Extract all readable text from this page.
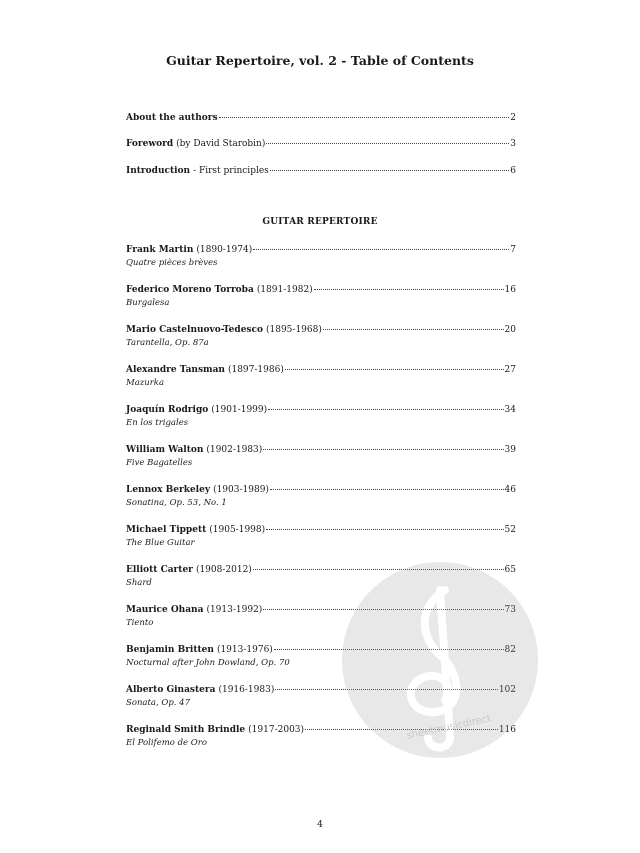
Guitar Repertoire, vol. 2 - Table of Contents
About the authors	2
Foreword (by David Starobin)	3
Introduction - First principles	6
GUITAR REPERTOIRE
Frank Martin (1890-1974)	7
Quatre pièces brèves
Federico Moreno Torroba (1891-1982)	16
Burgalesa
Mario Castelnuovo-Tedesco (1895-1968)	20
Tarantella, Op. 87a
Alexandre Tansman (1897-1986)	27
Mazurka
Joaquín Rodrigo (1901-1999)	34
En los trigales
William Walton (1902-1983)	39
Five Bagatelles
Lennox Berkeley (1903-1989)	46
Sonatina, Op. 53, No. 1
Michael Tippett (1905-1998)	52
The Blue Guitar
Elliott Carter (1908-2012)	65
Shard
Maurice Ohana (1913-1992)	73
Tiento
Benjamin Britten (1913-1976)	82
Nocturnal after John Dowland, Op. 70
Alberto Ginastera (1916-1983)	102
Sonata, Op. 47
Reginald Smith Brindle (1917-2003)	116
El Polifemo de Oro
4
sheetmusicdirect
